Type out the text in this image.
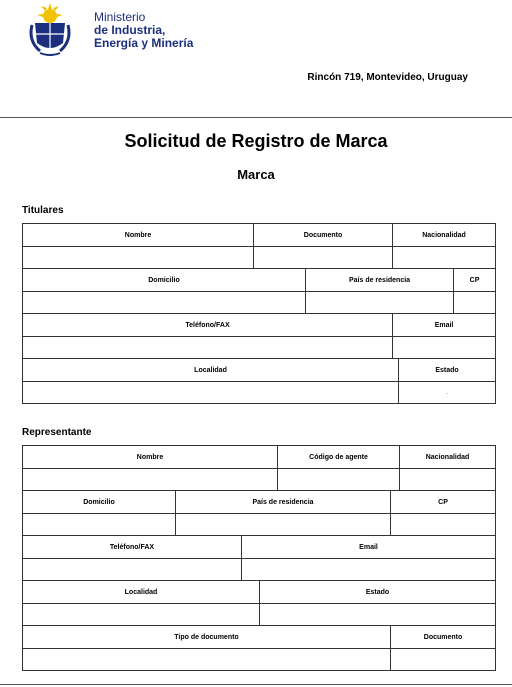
Ministerio
de Industria,
Energía y Minería
Rincón 719, Montevideo, Uruguay
Solicitud de Registro de Marca
Marca
Titulares
Nombre	Documento		Nacionalidad		

Domicilio		País de residencia			CP

Teléfono/FAX			Email		

Localidad				Estado	
				.	
Representante
Nombre				Código de agente		Nacionalidad

Domicilio	País de residencia				CP	

Teléfono/FAX		Email				

Localidad			Estado			

Tipo de documento					Documento	
